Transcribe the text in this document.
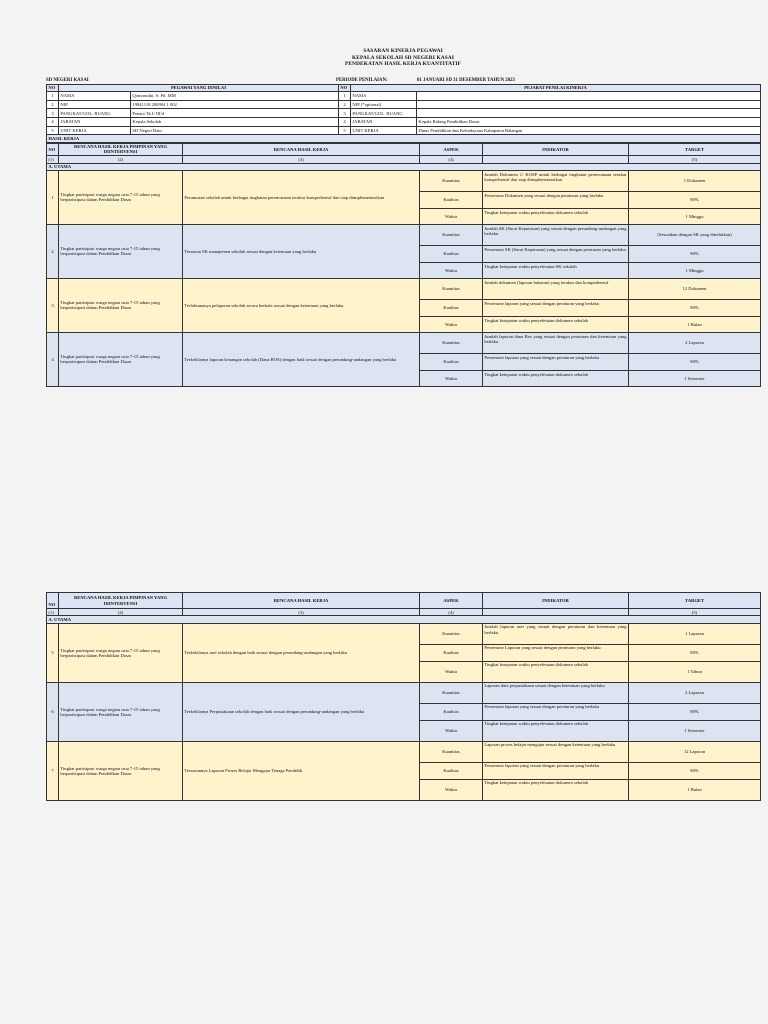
SASARAN KINERJA PEGAWAI
KEPALA SEKOLAH SD NEGERI KASAI
PENDEKATAN HASIL KERJA KUANTITATIF
SD NEGERI KASAI	PERIODE PENILAIAN:	01 JANUARI SD 31 DESEMBER TAHUN 2023
NO	PEGAWAI YANG DINILAI		NO	PEJABAT PENILAI KINERJA	
1	NAMA	Qomarudin, S. Pd. MM	1	NAMA	
2	NIP	19841118 200904 1 002	2	NIP (*optional)	
3	PANGKAT/GOL. RUANG	Penata Tk.I/ III/d	3	PANGKAT/GOL. RUANG	
4	JABATAN	Kepala Sekolah	4	JABATAN	Kepala Bidang Pendidikan Dasar
5	UNIT KERJA	SD Negeri Batu	5	UNIT KERJA	Dinas Pendidikan dan Kebudayaan Kabupaten Balangan
HASIL KERJA					
NO	RENCANA HASIL KERJA PIMPINAN YANG DIINTERVENSI	RENCANA HASIL KERJA	ASPEK	INDIKATOR	TARGET
(1)	(2)	(3)	(4)		(5)
A. UTAMA					
1	Tingkat partisipasi warga negara usia 7-15 tahun yang berpartisipasi dalam Pendidikan Dasar	Perumusan sekolah untuk berbagai tingkatan perencanaan terukur komprehensif dan siap diimplementasikan	Kuantitas	Jumlah Dokumen 1/ KOSP untuk berbagai tingkatan perencanaan terukur komprehensif dan siap diimplementasikan	1 Dokumen
			Kualitas	Persentase Dokumen yang sesuai dengan peraturan yang berlaku	80%
			Waktu	Tingkat ketepatan waktu penyelesaian dokumen sekolah	1 Minggu
2	Tingkat partisipasi warga negara usia 7-15 tahun yang berpartisipasi dalam Pendidikan Dasar	Tersusun SK manajemen sekolah sesuai dengan ketentuan yang berlaku	Kuantitas	Jumlah SK (Surat Keputusan) yang sesuai dengan perundang-undangan yang berlaku	(Sesuaikan dengan SK yang diterbitkan)
			Kualitas	Persentase SK (Surat Keputusan) yang sesuai dengan peraturan yang berlaku	80%
			Waktu	Tingkat ketepatan waktu penyelesaian SK sekolah	1 Minggu
3	Tingkat partisipasi warga negara usia 7-15 tahun yang berpartisipasi dalam Pendidikan Dasar	Terlaksananya pelaporan sekolah secara berkala sesuai dengan ketentuan yang berlaku	Kuantitas	Jumlah dokumen (laporan bulanan) yang terukur dan komprehensif	12 Dokumen
			Kualitas	Persentase laporan yang sesuai dengan peraturan yang berlaku	80%
			Waktu	Tingkat ketepatan waktu penyelesaian dokumen sekolah	1 Bulan
4	Tingkat partisipasi warga negara usia 7-15 tahun yang berpartisipasi dalam Pendidikan Dasar	Terkelolanya laporan keuangan sekolah (Dana BOS) dengan baik sesuai dengan perundang-undangan yang berlaku	Kuantitas	Jumlah laporan dana Bos yang sesuai dengan peraturan dan ketentuan yang berlaku	2 Laporan
			Kualitas	Persentase laporan yang sesuai dengan peraturan yang berlaku	80%
			Waktu	Tingkat ketepatan waktu penyelesaian dokumen sekolah	1 Semester
NO	RENCANA HASIL KERJA PIMPINAN YANG DIINTERVENSI	RENCANA HASIL KERJA	ASPEK	INDIKATOR	TARGET
(1)	(2)	(3)	(4)		(5)
A. UTAMA					
5	Tingkat partisipasi warga negara usia 7-15 tahun yang berpartisipasi dalam Pendidikan Dasar	Terkelolanya aset sekolah dengan baik sesuai dengan perundang-undangan yang berlaku	Kuantitas	Jumlah laporan aset yang sesuai dengan peraturan dan ketentuan yang berlaku	1 Laporan
			Kualitas	Persentase Laporan yang sesuai dengan peraturan yang berlaku	80%
			Waktu	Tingkat ketepatan waktu penyelesaian dokumen sekolah	1 Tahun
6	Tingkat partisipasi warga negara usia 7-15 tahun yang berpartisipasi dalam Pendidikan Dasar	Terkelolanya Perpustakaan sekolah dengan baik sesuai dengan perundang-undangan yang berlaku	Kuantitas	Laporan data perpustakaan sesuai dengan ketentuan yang berlaku	2 Laporan
			Kualitas	Persentase laporan yang sesuai dengan peraturan yang berlaku	80%
			Waktu	Tingkat ketepatan waktu penyelesaian dokumen sekolah	1 Semester
7	Tingkat partisipasi warga negara usia 7-15 tahun yang berpartisipasi dalam Pendidikan Dasar	Tersusunnya Laporan Proses Belajar Mengajar Tenaga Pendidik.	Kuantitas	Laporan proses belajar mengajar sesuai dengan ketentuan yang berlaku	12 Laporan
			Kualitas	Persentase laporan yang sesuai dengan peraturan yang berlaku	80%
			Waktu	Tingkat ketepatan waktu penyelesaian dokumen sekolah	1 Bulan
